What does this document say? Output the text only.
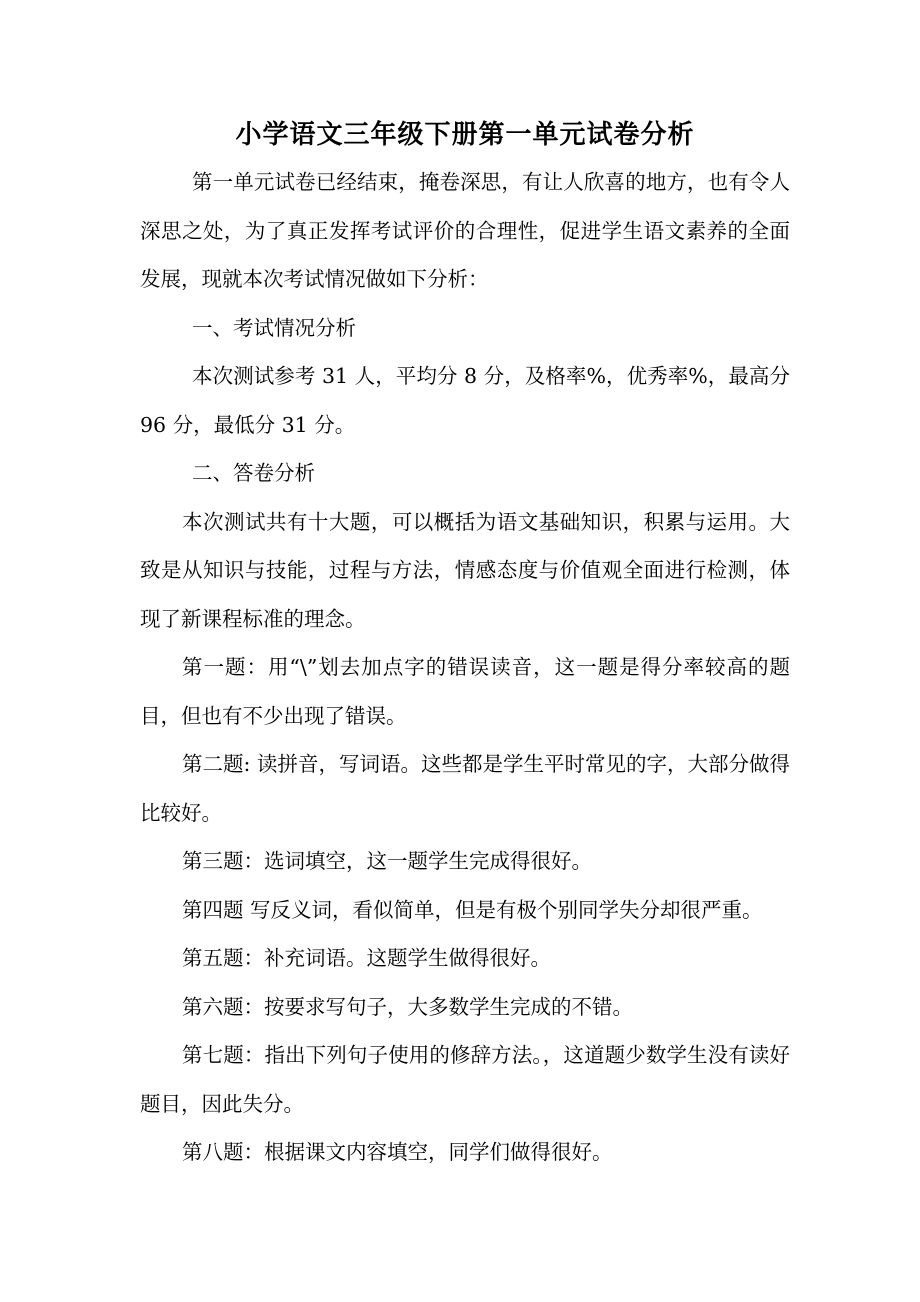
小学语文三年级下册第一单元试卷分析

第一单元试卷已经结束，掩卷深思，有让人欣喜的地方，也有令人深思之处，为了真正发挥考试评价的合理性，促进学生语文素养的全面发展，现就本次考试情况做如下分析：

一、考试情况分析

本次测试参考 31 人，平均分 8 分，及格率%，优秀率%，最高分 96 分，最低分 31 分。

二、答卷分析

本次测试共有十大题，可以概括为语文基础知识，积累与运用。大致是从知识与技能，过程与方法，情感态度与价值观全面进行检测，体现了新课程标准的理念。

第一题：用“\”划去加点字的错误读音，这一题是得分率较高的题目，但也有不少出现了错误。

第二题: 读拼音，写词语。这些都是学生平时常见的字，大部分做得比较好。

第三题：选词填空，这一题学生完成得很好。

第四题 写反义词，看似简单，但是有极个别同学失分却很严重。

第五题：补充词语。这题学生做得很好。

第六题：按要求写句子，大多数学生完成的不错。

第七题：指出下列句子使用的修辞方法。，这道题少数学生没有读好题目，因此失分。

第八题：根据课文内容填空，同学们做得很好。
